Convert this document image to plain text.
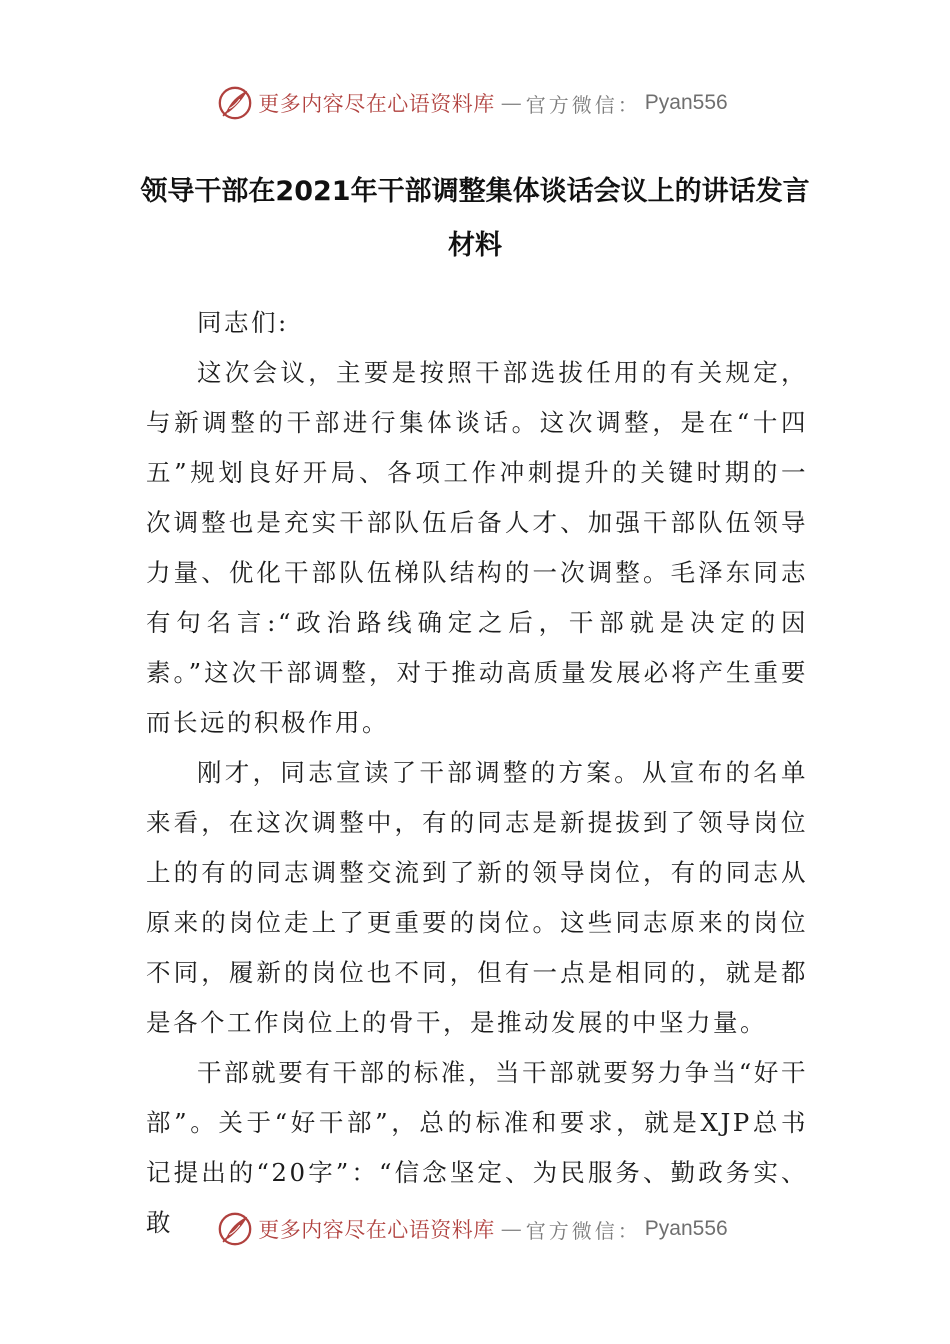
更多内容尽在心语资料库 — 官方微信： Pyan556
领导干部在2021年干部调整集体谈话会议上的讲话发言材料

同志们:

这次会议，主要是按照干部选拔任用的有关规定，与新调整的干部进行集体谈话。这次调整，是在“十四五”规划良好开局、各项工作冲刺提升的关键时期的一次调整也是充实干部队伍后备人才、加强干部队伍领导力量、优化干部队伍梯队结构的一次调整。毛泽东同志有句名言:“政治路线确定之后，干部就是决定的因素。”这次干部调整，对于推动高质量发展必将产生重要而长远的积极作用。

刚才，同志宣读了干部调整的方案。从宣布的名单来看，在这次调整中，有的同志是新提拔到了领导岗位上的有的同志调整交流到了新的领导岗位，有的同志从原来的岗位走上了更重要的岗位。这些同志原来的岗位不同，履新的岗位也不同，但有一点是相同的，就是都是各个工作岗位上的骨干，是推动发展的中坚力量。

干部就要有干部的标准，当干部就要努力争当“好干部”。关于“好干部”，总的标准和要求，就是XJP总书记提出的“20字”：“信念坚定、为民服务、勤政务实、敢	更多内容尽在心语资料库 — 官方微信： Pyan556
